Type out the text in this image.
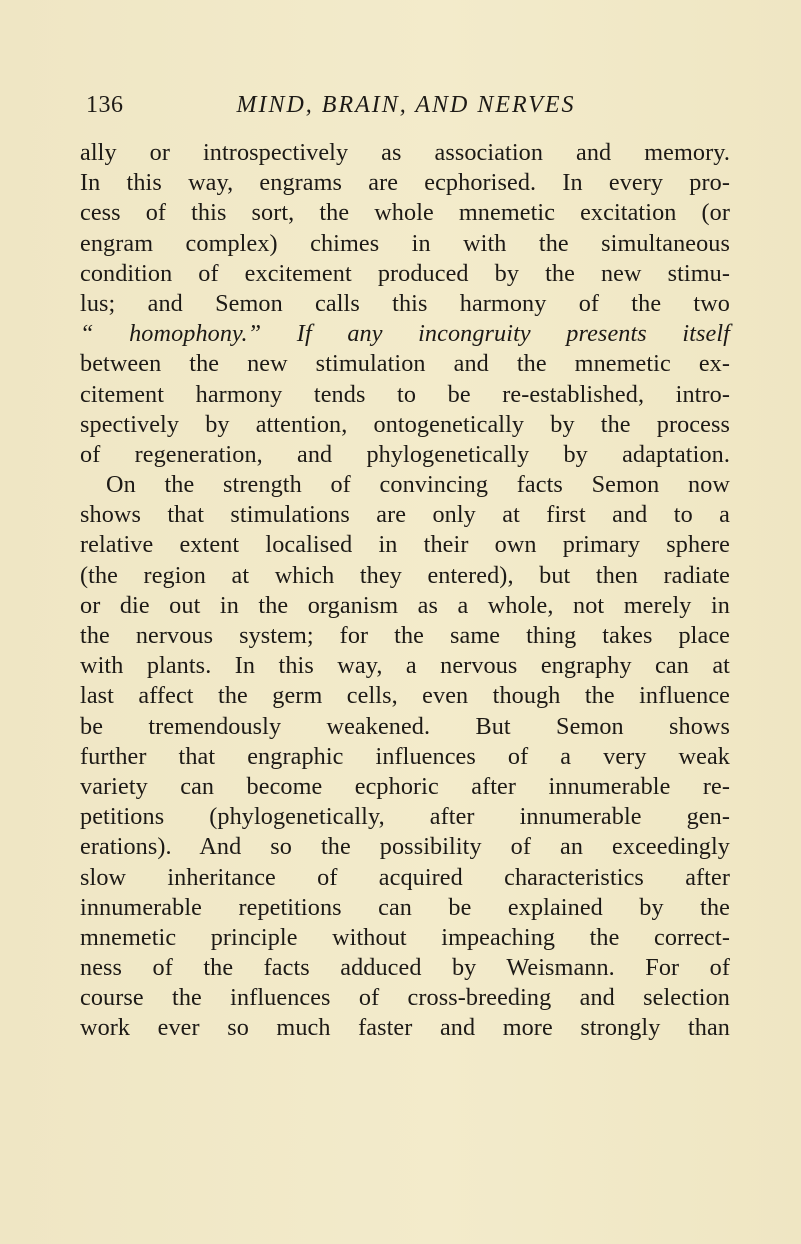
136	MIND, BRAIN, AND NERVES
ally or introspectively as association and memory.
In this way, engrams are ecphorised. In every pro-
cess of this sort, the whole mnemetic excitation (or
engram complex) chimes in with the simultaneous
condition of excitement produced by the new stimu-
lus; and Semon calls this harmony of the two
“ homophony.” If any incongruity presents itself
between the new stimulation and the mnemetic ex-
citement harmony tends to be re-established, intro-
spectively by attention, ontogenetically by the process
of regeneration, and phylogenetically by adaptation.
On the strength of convincing facts Semon now
shows that stimulations are only at first and to a
relative extent localised in their own primary sphere
(the region at which they entered), but then radiate
or die out in the organism as a whole, not merely in
the nervous system; for the same thing takes place
with plants. In this way, a nervous engraphy can at
last affect the germ cells, even though the influence
be tremendously weakened. But Semon shows
further that engraphic influences of a very weak
variety can become ecphoric after innumerable re-
petitions (phylogenetically, after innumerable gen-
erations). And so the possibility of an exceedingly
slow inheritance of acquired characteristics after
innumerable repetitions can be explained by the
mnemetic principle without impeaching the correct-
ness of the facts adduced by Weismann. For of
course the influences of cross-breeding and selection
work ever so much faster and more strongly than
